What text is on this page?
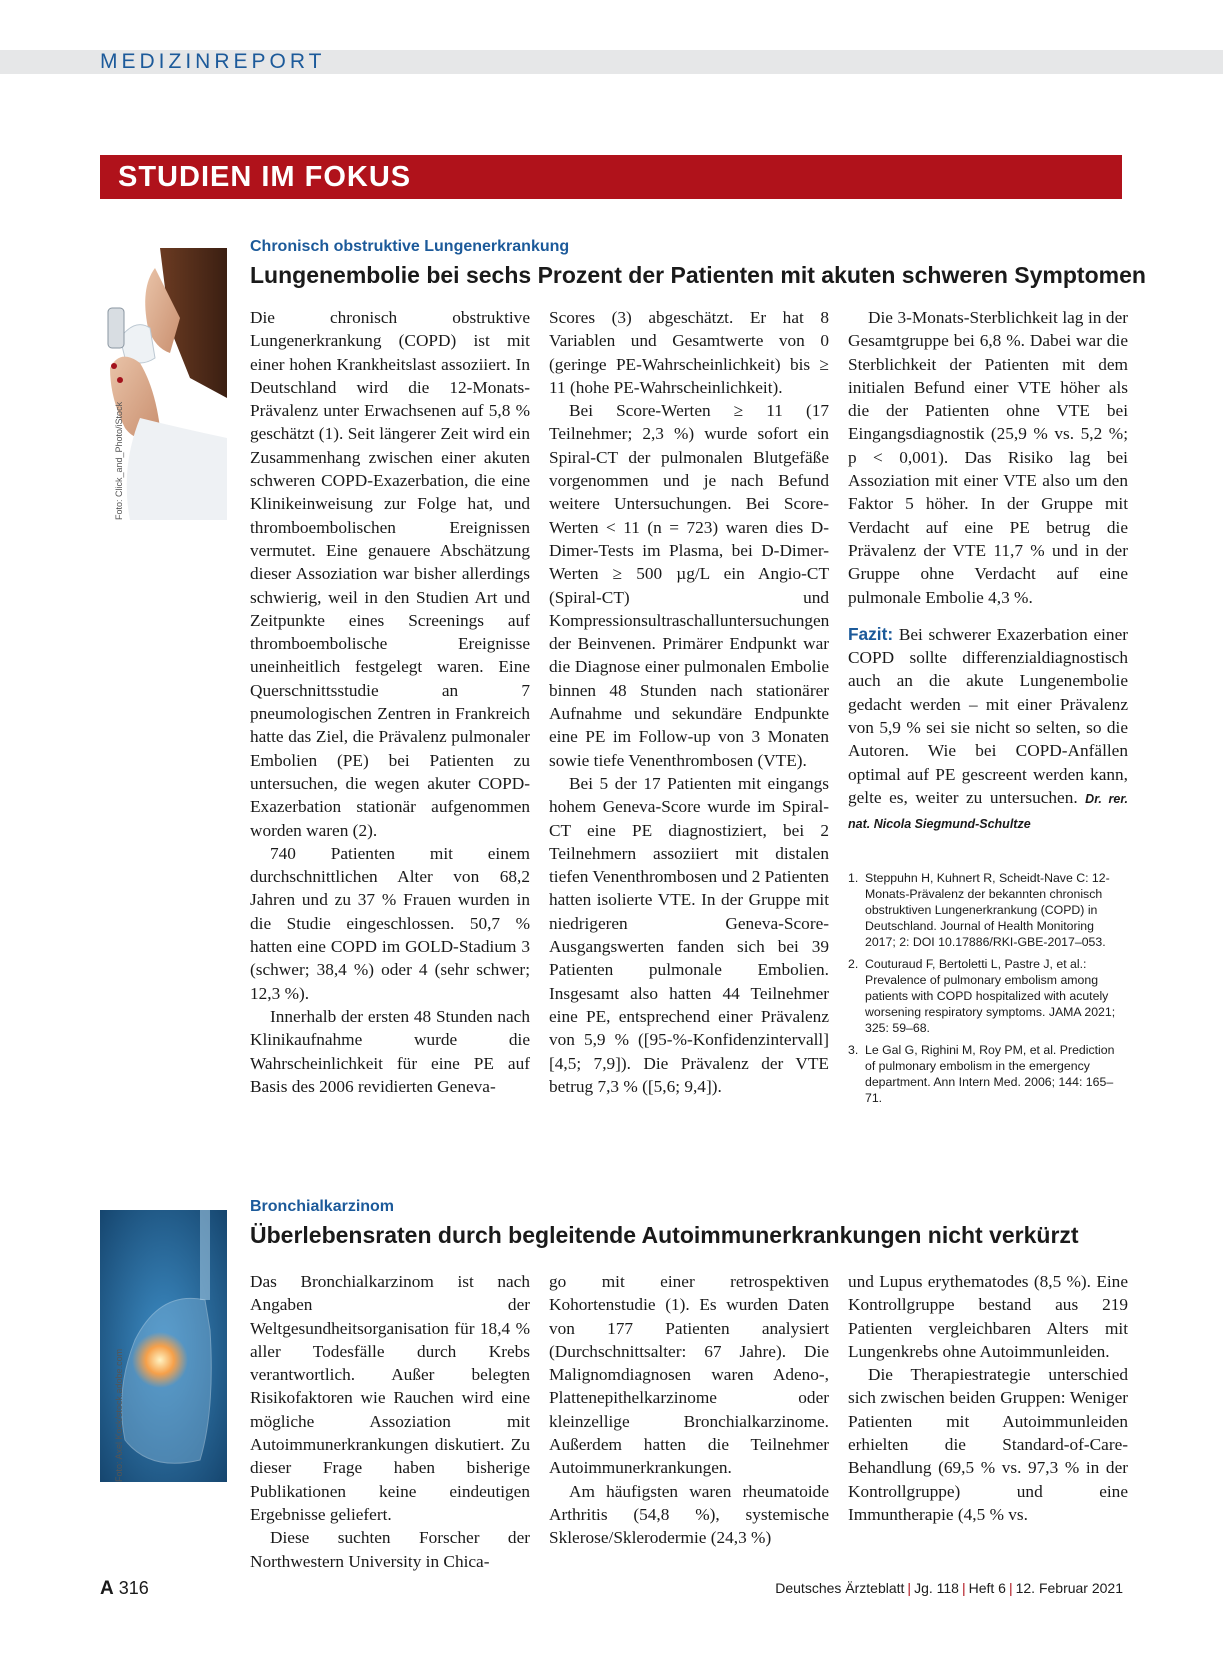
MEDIZINREPORT
STUDIEN IM FOKUS
Foto: Click_and_Photo/iStock
Chronisch obstruktive Lungenerkrankung
Lungenembolie bei sechs Prozent der Patienten mit akuten schweren Symptomen

Die chronisch obstruktive Lungenerkrankung (COPD) ist mit einer hohen Krankheitslast assoziiert. In Deutschland wird die 12-Monats-Prävalenz unter Erwachsenen auf 5,8 % geschätzt (1). Seit längerer Zeit wird ein Zusammenhang zwischen einer akuten schweren COPD-Exazerbation, die eine Klinikeinweisung zur Folge hat, und thromboembolischen Ereignissen vermutet. Eine genauere Abschätzung dieser Assoziation war bisher allerdings schwierig, weil in den Studien Art und Zeitpunkte eines Screenings auf thromboembolische Ereignisse uneinheitlich festgelegt waren. Eine Querschnittsstudie an 7 pneumologischen Zentren in Frankreich hatte das Ziel, die Prävalenz pulmonaler Embolien (PE) bei Patienten zu untersuchen, die wegen akuter COPD-Exazerbation stationär aufgenommen worden waren (2).

740 Patienten mit einem durchschnittlichen Alter von 68,2 Jahren und zu 37 % Frauen wurden in die Studie eingeschlossen. 50,7 % hatten eine COPD im GOLD-Stadium 3 (schwer; 38,4 %) oder 4 (sehr schwer; 12,3 %).

Innerhalb der ersten 48 Stunden nach Klinikaufnahme wurde die Wahrscheinlichkeit für eine PE auf Basis des 2006 revidierten Geneva-

Scores (3) abgeschätzt. Er hat 8 Variablen und Gesamtwerte von 0 (geringe PE-Wahrscheinlichkeit) bis ≥ 11 (hohe PE-Wahrscheinlichkeit).

Bei Score-Werten ≥ 11 (17 Teilnehmer; 2,3 %) wurde sofort ein Spiral-CT der pulmonalen Blutgefäße vorgenommen und je nach Befund weitere Untersuchungen. Bei Score-Werten < 11 (n = 723) waren dies D-Dimer-Tests im Plasma, bei D-Dimer-Werten ≥ 500 µg/L ein Angio-CT (Spiral-CT) und Kompressionsultraschalluntersuchungen der Beinvenen. Primärer Endpunkt war die Diagnose einer pulmonalen Embolie binnen 48 Stunden nach stationärer Aufnahme und sekundäre Endpunkte eine PE im Follow-up von 3 Monaten sowie tiefe Venenthrombosen (VTE).

Bei 5 der 17 Patienten mit eingangs hohem Geneva-Score wurde im Spiral-CT eine PE diagnostiziert, bei 2 Teilnehmern assoziiert mit distalen tiefen Venenthrombosen und 2 Patienten hatten isolierte VTE. In der Gruppe mit niedrigeren Geneva-Score-Ausgangswerten fanden sich bei 39 Patienten pulmonale Embolien. Insgesamt also hatten 44 Teilnehmer eine PE, entsprechend einer Prävalenz von 5,9 % ([95-%-Konfidenzintervall] [4,5; 7,9]). Die Prävalenz der VTE betrug 7,3 % ([5,6; 9,4]).

Die 3-Monats-Sterblichkeit lag in der Gesamtgruppe bei 6,8 %. Dabei war die Sterblichkeit der Patienten mit dem initialen Befund einer VTE höher als die der Patienten ohne VTE bei Eingangsdiagnostik (25,9 % vs. 5,2 %; p < 0,001). Das Risiko lag bei Assoziation mit einer VTE also um den Faktor 5 höher. In der Gruppe mit Verdacht auf eine PE betrug die Prävalenz der VTE 11,7 % und in der Gruppe ohne Verdacht auf eine pulmonale Embolie 4,3 %.

Fazit: Bei schwerer Exazerbation einer COPD sollte differenzialdiagnostisch auch an die akute Lungenembolie gedacht werden – mit einer Prävalenz von 5,9 % sei sie nicht so selten, so die Autoren. Wie bei COPD-Anfällen optimal auf PE gescreent werden kann, gelte es, weiter zu untersuchen. Dr. rer. nat. Nicola Siegmund-Schultze

1. Steppuhn H, Kuhnert R, Scheidt-Nave C: 12-Monats-Prävalenz der bekannten chronisch obstruktiven Lungenerkrankung (COPD) in Deutschland. Journal of Health Monitoring 2017; 2: DOI 10.17886/RKI-GBE-2017–053.
2. Couturaud F, Bertoletti L, Pastre J, et al.: Prevalence of pulmonary embolism among patients with COPD hospitalized with acutely worsening respiratory symptoms. JAMA 2021; 325: 59–68.
3. Le Gal G, Righini M, Roy PM, et al. Prediction of pulmonary embolism in the emergency department. Ann Intern Med. 2006; 144: 165–71.
Foto: Axel Kock/stock.adobe.com
Bronchialkarzinom
Überlebensraten durch begleitende Autoimmunerkrankungen nicht verkürzt

Das Bronchialkarzinom ist nach Angaben der Weltgesundheitsorganisation für 18,4 % aller Todesfälle durch Krebs verantwortlich. Außer belegten Risikofaktoren wie Rauchen wird eine mögliche Assoziation mit Autoimmunerkrankungen diskutiert. Zu dieser Frage haben bisherige Publikationen keine eindeutigen Ergebnisse geliefert.

Diese suchten Forscher der Northwestern University in Chica-

go mit einer retrospektiven Kohortenstudie (1). Es wurden Daten von 177 Patienten analysiert (Durchschnittsalter: 67 Jahre). Die Malignomdiagnosen waren Adeno-, Plattenepithelkarzinome oder kleinzellige Bronchialkarzinome. Außerdem hatten die Teilnehmer Autoimmunerkrankungen.

Am häufigsten waren rheumatoide Arthritis (54,8 %), systemische Sklerose/Sklerodermie (24,3 %)

und Lupus erythematodes (8,5 %). Eine Kontrollgruppe bestand aus 219 Patienten vergleichbaren Alters mit Lungenkrebs ohne Autoimmunleiden.

Die Therapiestrategie unterschied sich zwischen beiden Gruppen: Weniger Patienten mit Autoimmunleiden erhielten die Standard-of-Care-Behandlung (69,5 % vs. 97,3 % in der Kontrollgruppe) und eine Immuntherapie (4,5 % vs.

A 316	Deutsches Ärzteblatt | Jg. 118 | Heft 6 | 12. Februar 2021
